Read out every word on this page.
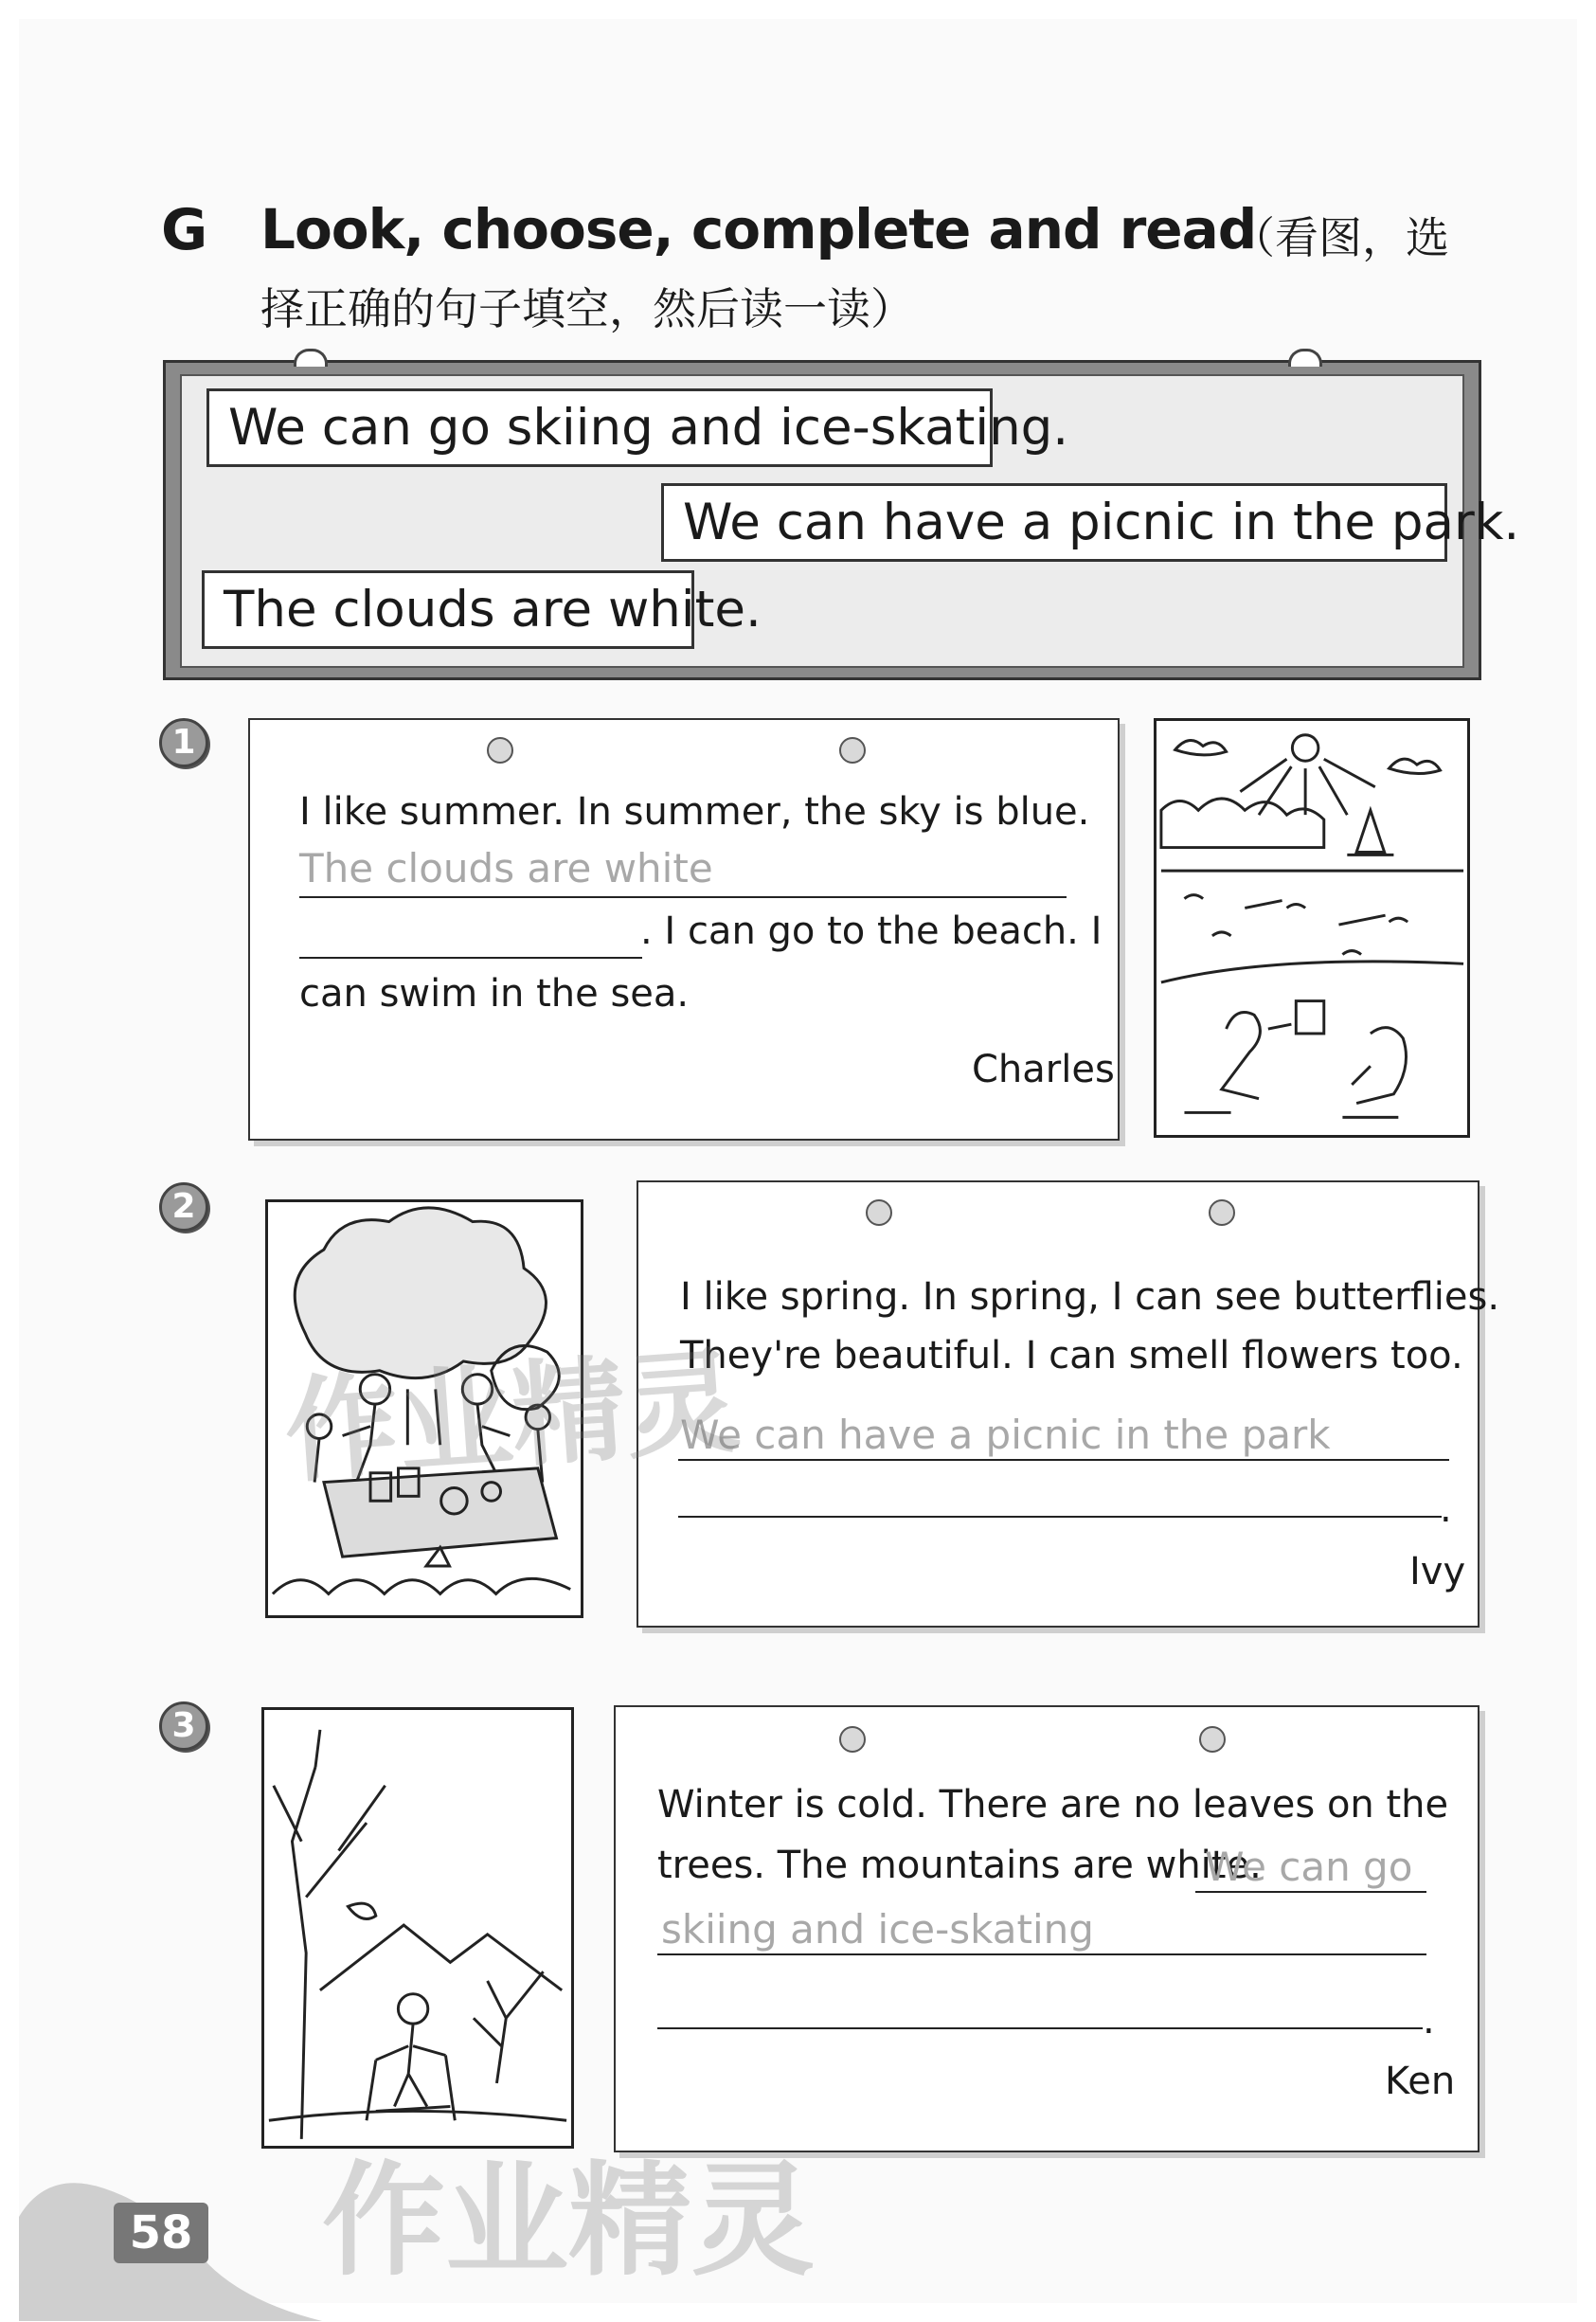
G Look, choose, complete and read
（看图，选
择正确的句子填空，然后读一读）
We can go skiing and ice-skating.
We can have a picnic in the park.
The clouds are white.
1
I like summer. In summer, the sky is blue.
The clouds are white
. I can go to the beach. I
can swim in the sea.
Charles
2
I like spring. In spring, I can see butterflies.
They're beautiful. I can smell flowers too.
We can have a picnic in the park
.
Ivy
3
Winter is cold. There are no leaves on the
trees. The mountains are white.
We can go
skiing and ice-skating
.
Ken
58
作业精灵
作业精灵
